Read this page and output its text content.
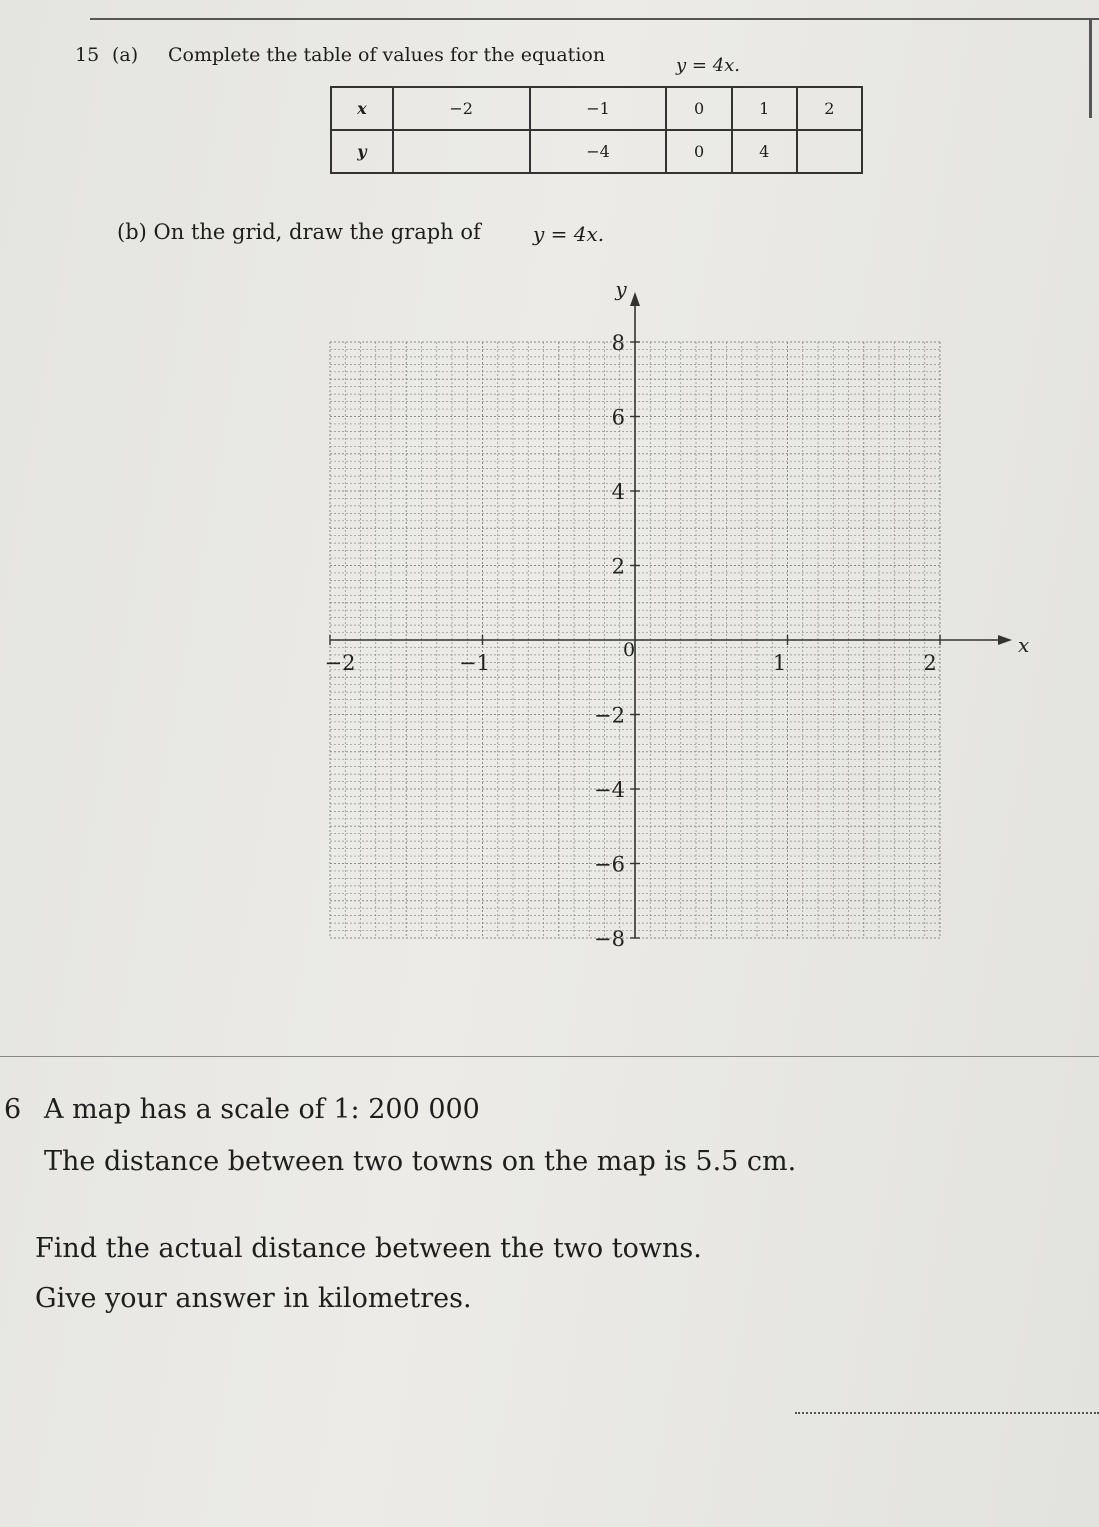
15 (a) Complete the table of values for the equation	y = 4x.
x	−2	−1	0	1	2
y		−4	0	4	
(b) On the grid, draw the graph of	y = 4x.
x
y
0
−2	−1	1	2
8
6
4
2
−2
−4
−6
−8
6 A map has a scale of 1: 200 000
The distance between two towns on the map is 5.5 cm.
Find the actual distance between the two towns.
Give your answer in kilometres.
